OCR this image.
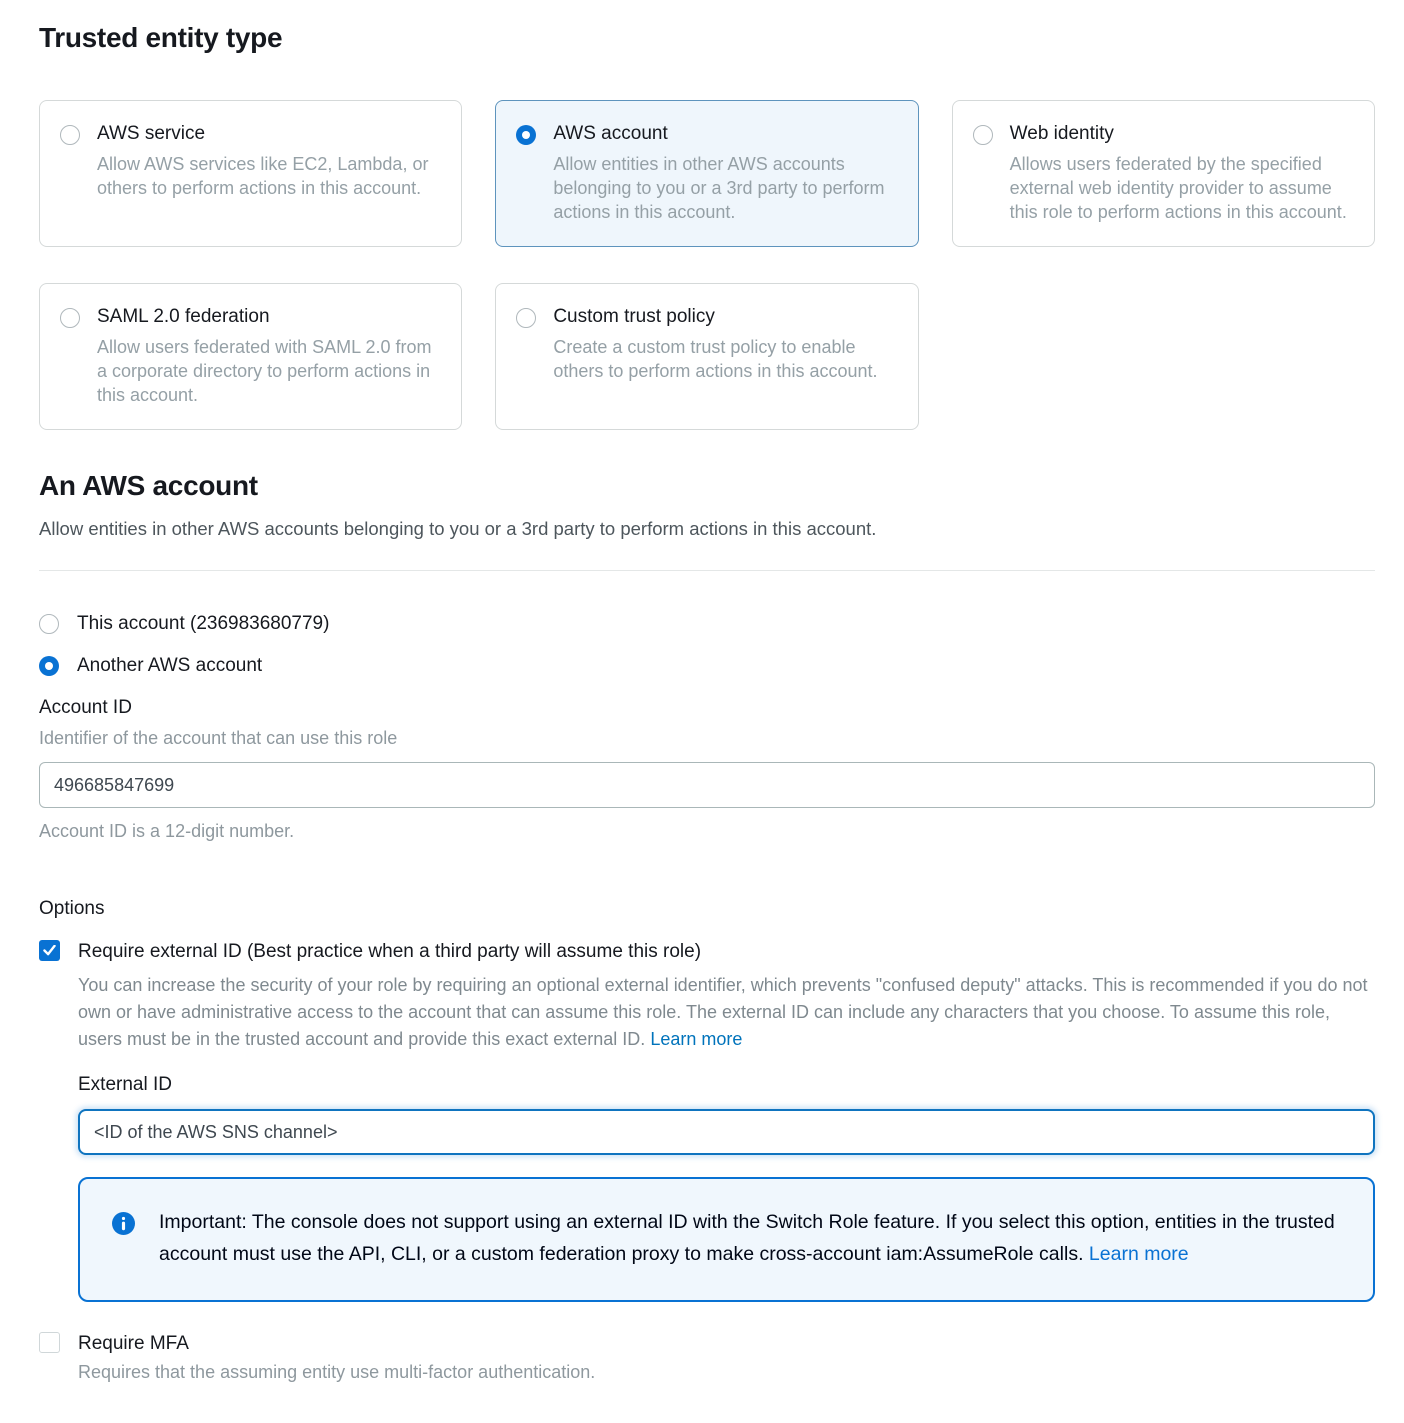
Trusted entity type
AWS service
Allow AWS services like EC2, Lambda, or others to perform actions in this account.
AWS account
Allow entities in other AWS accounts belonging to you or a 3rd party to perform actions in this account.
Web identity
Allows users federated by the specified external web identity provider to assume this role to perform actions in this account.
SAML 2.0 federation
Allow users federated with SAML 2.0 from a corporate directory to perform actions in this account.
Custom trust policy
Create a custom trust policy to enable others to perform actions in this account.
An AWS account

Allow entities in other AWS accounts belonging to you or a 3rd party to perform actions in this account.

This account (236983680779)
Another AWS account
Account ID
Identifier of the account that can use this role
496685847699
Account ID is a 12-digit number.
Options
Require external ID (Best practice when a third party will assume this role)

You can increase the security of your role by requiring an optional external identifier, which prevents "confused deputy" attacks. This is recommended if you do not own or have administrative access to the account that can assume this role. The external ID can include any characters that you choose. To assume this role, users must be in the trusted account and provide this exact external ID. Learn more

External ID
<ID of the AWS SNS channel>
Important: The console does not support using an external ID with the Switch Role feature. If you select this option, entities in the trusted account must use the API, CLI, or a custom federation proxy to make cross-account iam:AssumeRole calls. Learn more
Require MFA
Requires that the assuming entity use multi-factor authentication.
